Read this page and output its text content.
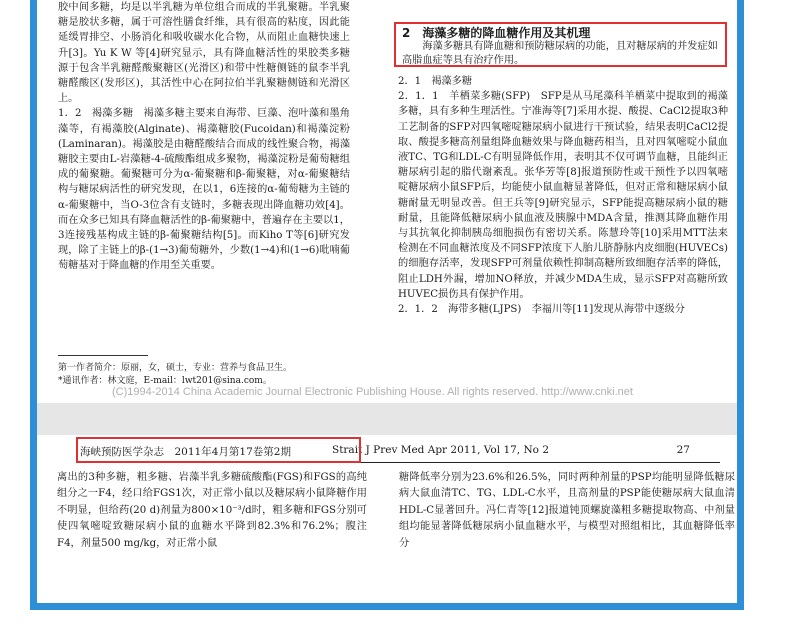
胶中间多糖，均是以半乳糖为单位组合而成的半乳聚糖。半乳聚糖是胶状多糖，属于可溶性膳食纤维，具有很高的粘度，因此能延缓胃排空、小肠消化和吸收碳水化合物，从而阻止血糖快速上升[3]。Yu K W 等[4]研究显示，具有降血糖活性的果胶类多糖源于包含半乳糖醛酸聚糖区(光滑区)和带中性糖侧链的鼠李半乳糖醛酸区(发形区)，其活性中心在阿拉伯半乳聚糖侧链和光滑区上。

1．2　褐藻多糖　褐藻多糖主要来自海带、巨藻、泡叶藻和墨角藻等，有褐藻胶(Alginate)、褐藻糖胶(Fucoidan)和褐藻淀粉(Laminaran)。褐藻胶是由糖醛酸结合而成的线性聚合物，褐藻糖胶主要由L-岩藻糖-4-硫酸酯组成多聚物，褐藻淀粉是葡萄糖组成的葡聚糖。葡聚糖可分为α-葡聚糖和β-葡聚糖，对α-葡聚糖结构与糖尿病活性的研究发现，在以1，6连接的α-葡萄糖为主链的α-葡聚糖中，当O-3位含有支链时，多糖表现出降血糖功效[4]。而在众多已知具有降血糖活性的β-葡聚糖中，普遍存在主要以1，3连接残基构成主链的β-葡聚糖结构[5]。而Kiho T等[6]研究发现，除了主链上的β-(1→3)葡萄糖外，少数(1→4)和(1→6)吡喃葡萄糖基对于降血糖的作用至关重要。

第一作者简介：原丽，女，硕士，专业：营养与食品卫生。
*通讯作者：林文庭，E-mail：lwt201@sina.com。

2．1　褐藻多糖

2．1．1　羊栖菜多糖(SFP)　SFP是从马尾藻科羊栖菜中提取到的褐藻多糖，具有多种生理活性。宁准海等[7]采用水提、酸提、CaCl2提取3种工艺制备的SFP对四氧嘧啶糖尿病小鼠进行干预试验，结果表明CaCl2提取、酸提多糖高剂量组降血糖效果与降血糖药相当，且对四氧嘧啶小鼠血液TC、TG和LDL-C有明显降低作用，表明其不仅可调节血糖，且能纠正糖尿病引起的脂代谢紊乱。张华芳等[8]报道预防性或干预性予以四氧嘧啶糖尿病小鼠SFP后，均能使小鼠血糖显著降低，但对正常和糖尿病小鼠糖耐量无明显改善。但王兵等[9]研究显示，SFP能提高糖尿病小鼠的糖耐量，且能降低糖尿病小鼠血液及胰腺中MDA含量，推测其降血糖作用与其抗氧化抑制胰岛细胞损伤有密切关系。陈慧玲等[10]采用MTT法来检测在不同血糖浓度及不同SFP浓度下人胎儿脐静脉内皮细胞(HUVECs)的细胞存活率，发现SFP可剂量依赖性抑制高糖所致细胞存活率的降低，阻止LDH外漏，增加NO释放，并减少MDA生成，显示SFP对高糖所致HUVEC损伤具有保护作用。

2．1．2　海带多糖(LJPS)　李福川等[11]发现从海带中逐级分

2　海藻多糖的降血糖作用及其机理
海藻多糖具有降血糖和预防糖尿病的功能，且对糖尿病的并发症如高脂血症等具有治疗作用。
(C)1994-2014 China Academic Journal Electronic Publishing House. All rights reserved. http://www.cnki.net
海峡预防医学杂志　2011年4月第17卷第2期	Strait J Prev Med Apr 2011, Vol 17, No 2	27

离出的3种多糖，粗多糖、岩藻半乳多糖硫酸酯(FGS)和FGS的高纯组分之一F4，经口给FGS1次，对正常小鼠以及糖尿病小鼠降糖作用不明显，但给药(20 d)剂量为800×10⁻³/d时，粗多糖和FGS分别可使四氧嘧啶致糖尿病小鼠的血糖水平降到82.3%和76.2%；腹注F4，剂量500 mg/kg，对正常小鼠

糖降低率分别为23.6%和26.5%，同时两种剂量的PSP均能明显降低糖尿病大鼠血清TC、TG、LDL-C水平，且高剂量的PSP能使糖尿病大鼠血清HDL-C显著回升。冯仁青等[12]报道钝顶螺旋藻粗多糖提取物高、中剂量组均能显著降低糖尿病小鼠血糖水平，与模型对照组相比，其血糖降低率分
